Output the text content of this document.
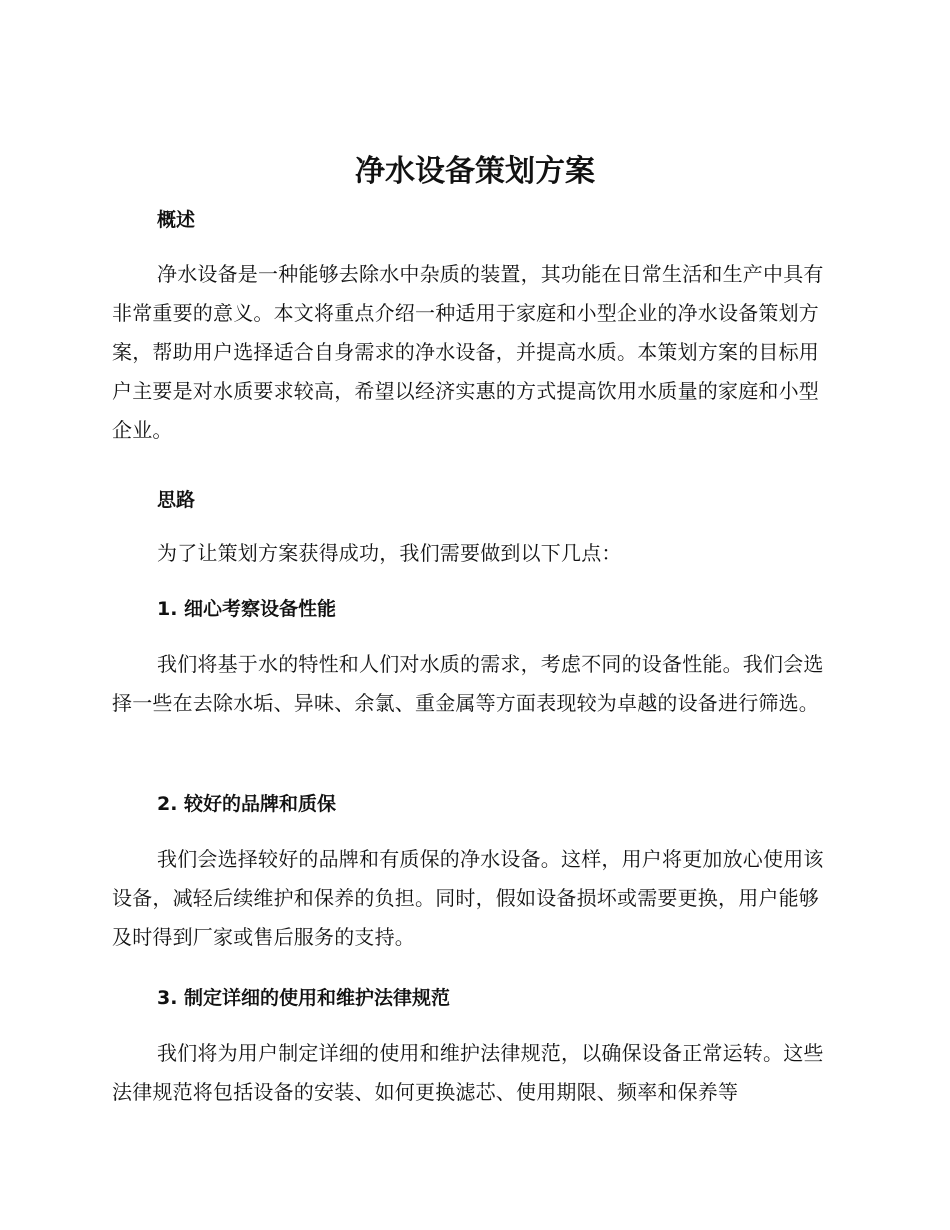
净水设备策划方案
概述

净水设备是一种能够去除水中杂质的装置，其功能在日常生活和生产中具有非常重要的意义。本文将重点介绍一种适用于家庭和小型企业的净水设备策划方案，帮助用户选择适合自身需求的净水设备，并提高水质。本策划方案的目标用户主要是对水质要求较高，希望以经济实惠的方式提高饮用水质量的家庭和小型企业。

思路

为了让策划方案获得成功，我们需要做到以下几点：

1. 细心考察设备性能

我们将基于水的特性和人们对水质的需求，考虑不同的设备性能。我们会选择一些在去除水垢、异味、余氯、重金属等方面表现较为卓越的设备进行筛选。

2. 较好的品牌和质保

我们会选择较好的品牌和有质保的净水设备。这样，用户将更加放心使用该设备，减轻后续维护和保养的负担。同时，假如设备损坏或需要更换，用户能够及时得到厂家或售后服务的支持。

3. 制定详细的使用和维护法律规范

我们将为用户制定详细的使用和维护法律规范，以确保设备正常运转。这些法律规范将包括设备的安装、如何更换滤芯、使用期限、频率和保养等
